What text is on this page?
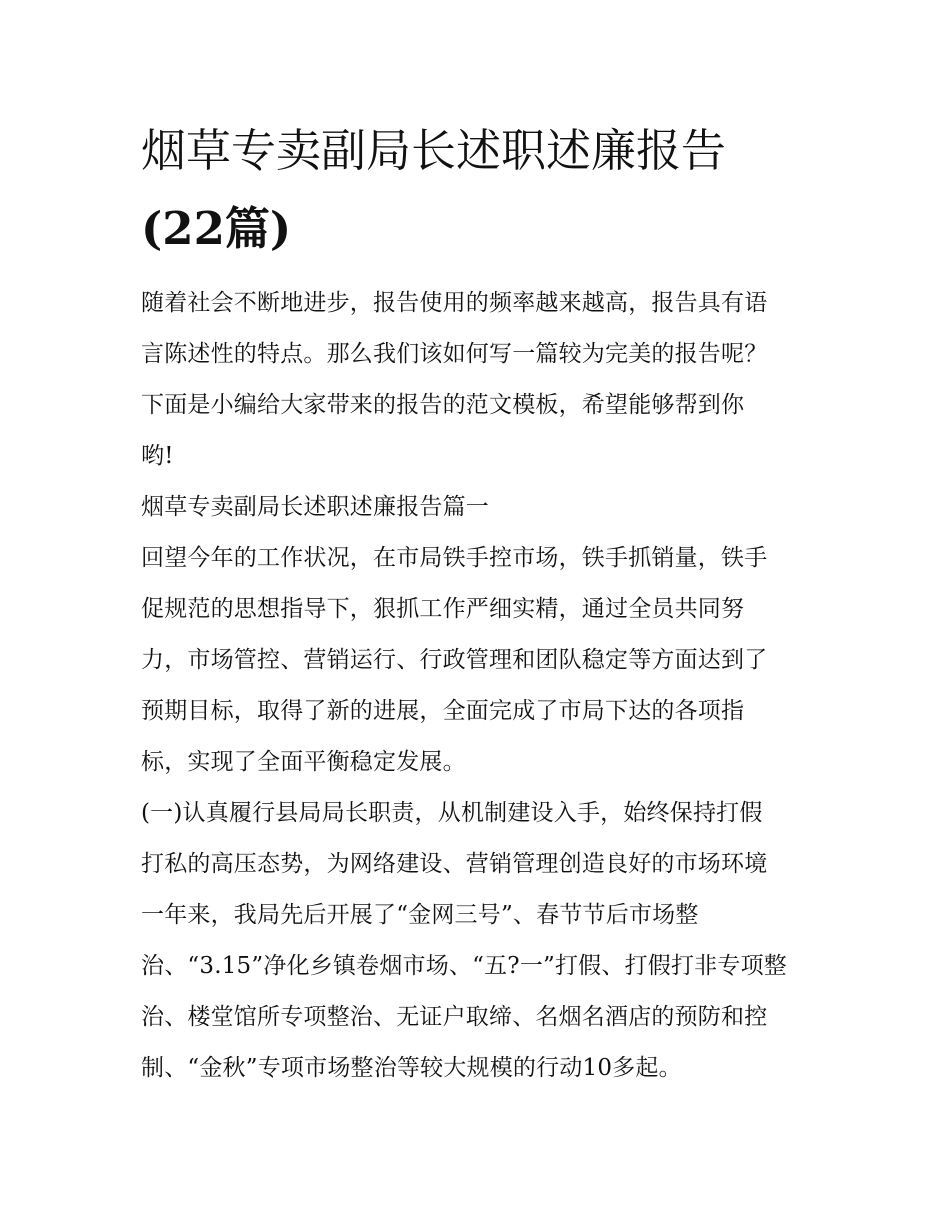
烟草专卖副局长述职述廉报告
(22篇)
随着社会不断地进步，报告使用的频率越来越高，报告具有语
言陈述性的特点。那么我们该如何写一篇较为完美的报告呢？
下面是小编给大家带来的报告的范文模板，希望能够帮到你
哟!
烟草专卖副局长述职述廉报告篇一
回望今年的工作状况，在市局铁手控市场，铁手抓销量，铁手
促规范的思想指导下，狠抓工作严细实精，通过全员共同努
力，市场管控、营销运行、行政管理和团队稳定等方面达到了
预期目标，取得了新的进展，全面完成了市局下达的各项指
标，实现了全面平衡稳定发展。
(一)认真履行县局局长职责，从机制建设入手，始终保持打假
打私的高压态势，为网络建设、营销管理创造良好的市场环境
一年来，我局先后开展了“金网三号”、春节节后市场整
治、“3.15”净化乡镇卷烟市场、“五?一”打假、打假打非专项整
治、楼堂馆所专项整治、无证户取缔、名烟名酒店的预防和控
制、“金秋”专项市场整治等较大规模的行动10多起。
